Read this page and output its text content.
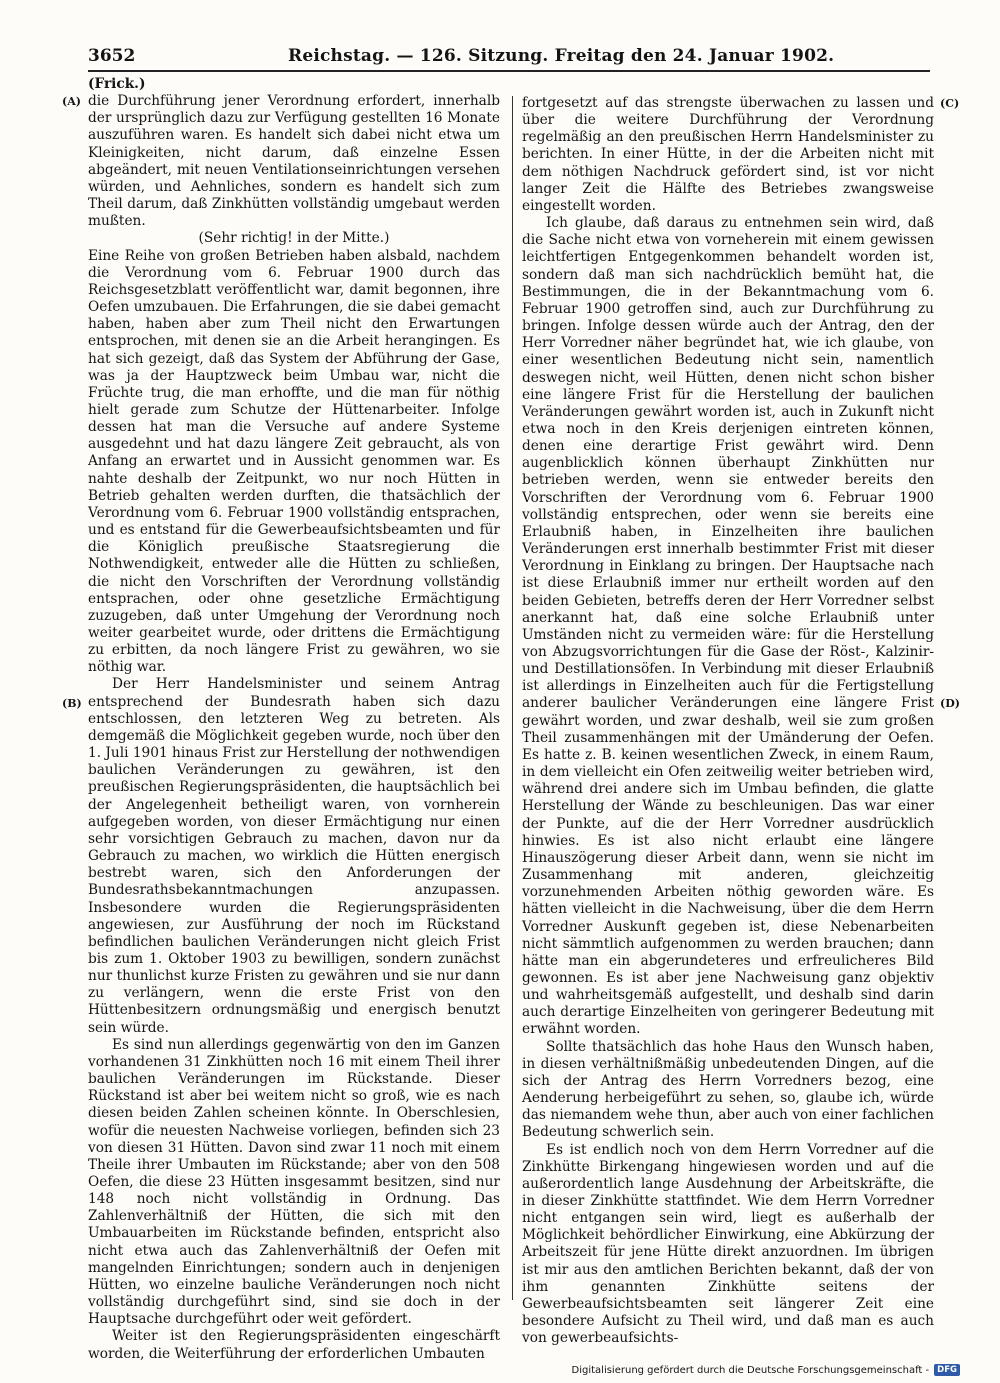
3652	Reichstag. — 126. Sitzung. Freitag den 24. Januar 1902.
(A)
(B)
(C)
(D)

(Frick.)

die Durchführung jener Verordnung erfordert, innerhalb der ursprünglich dazu zur Verfügung gestellten 16 Monate auszuführen waren. Es handelt sich dabei nicht etwa um Kleinigkeiten, nicht darum, daß einzelne Essen abgeändert, mit neuen Ventilationseinrichtungen versehen würden, und Aehnliches, sondern es handelt sich zum Theil darum, daß Zinkhütten vollständig umgebaut werden mußten.

(Sehr richtig! in der Mitte.)

Eine Reihe von großen Betrieben haben alsbald, nachdem die Verordnung vom 6. Februar 1900 durch das Reichsgesetzblatt veröffentlicht war, damit begonnen, ihre Oefen umzubauen. Die Erfahrungen, die sie dabei gemacht haben, haben aber zum Theil nicht den Erwartungen entsprochen, mit denen sie an die Arbeit herangingen. Es hat sich gezeigt, daß das System der Abführung der Gase, was ja der Hauptzweck beim Umbau war, nicht die Früchte trug, die man erhoffte, und die man für nöthig hielt gerade zum Schutze der Hüttenarbeiter. Infolge dessen hat man die Versuche auf andere Systeme ausgedehnt und hat dazu längere Zeit gebraucht, als von Anfang an erwartet und in Aussicht genommen war. Es nahte deshalb der Zeitpunkt, wo nur noch Hütten in Betrieb gehalten werden durften, die thatsächlich der Verordnung vom 6. Februar 1900 vollständig entsprachen, und es entstand für die Gewerbeaufsichtsbeamten und für die Königlich preußische Staatsregierung die Nothwendigkeit, entweder alle die Hütten zu schließen, die nicht den Vorschriften der Verordnung vollständig entsprachen, oder ohne gesetzliche Ermächtigung zuzugeben, daß unter Umgehung der Verordnung noch weiter gearbeitet wurde, oder drittens die Ermächtigung zu erbitten, da noch längere Frist zu gewähren, wo sie nöthig war.

Der Herr Handelsminister und seinem Antrag entsprechend der Bundesrath haben sich dazu entschlossen, den letzteren Weg zu betreten. Als demgemäß die Möglichkeit gegeben wurde, noch über den 1. Juli 1901 hinaus Frist zur Herstellung der nothwendigen baulichen Veränderungen zu gewähren, ist den preußischen Regierungspräsidenten, die hauptsächlich bei der Angelegenheit betheiligt waren, von vornherein aufgegeben worden, von dieser Ermächtigung nur einen sehr vorsichtigen Gebrauch zu machen, davon nur da Gebrauch zu machen, wo wirklich die Hütten energisch bestrebt waren, sich den Anforderungen der Bundesrathsbekanntmachungen anzupassen. Insbesondere wurden die Regierungspräsidenten angewiesen, zur Ausführung der noch im Rückstand befindlichen baulichen Veränderungen nicht gleich Frist bis zum 1. Oktober 1903 zu bewilligen, sondern zunächst nur thunlichst kurze Fristen zu gewähren und sie nur dann zu verlängern, wenn die erste Frist von den Hüttenbesitzern ordnungsmäßig und energisch benutzt sein würde.

Es sind nun allerdings gegenwärtig von den im Ganzen vorhandenen 31 Zinkhütten noch 16 mit einem Theil ihrer baulichen Veränderungen im Rückstande. Dieser Rückstand ist aber bei weitem nicht so groß, wie es nach diesen beiden Zahlen scheinen könnte. In Oberschlesien, wofür die neuesten Nachweise vorliegen, befinden sich 23 von diesen 31 Hütten. Davon sind zwar 11 noch mit einem Theile ihrer Umbauten im Rückstande; aber von den 508 Oefen, die diese 23 Hütten insgesammt besitzen, sind nur 148 noch nicht vollständig in Ordnung. Das Zahlenverhältniß der Hütten, die sich mit den Umbauarbeiten im Rückstande befinden, entspricht also nicht etwa auch das Zahlenverhältniß der Oefen mit mangelnden Einrichtungen; sondern auch in denjenigen Hütten, wo einzelne bauliche Veränderungen noch nicht vollständig durchgeführt sind, sind sie doch in der Hauptsache durchgeführt oder weit gefördert.

Weiter ist den Regierungspräsidenten eingeschärft worden, die Weiterführung der erforderlichen Umbauten

fortgesetzt auf das strengste überwachen zu lassen und über die weitere Durchführung der Verordnung regelmäßig an den preußischen Herrn Handelsminister zu berichten. In einer Hütte, in der die Arbeiten nicht mit dem nöthigen Nachdruck gefördert sind, ist vor nicht langer Zeit die Hälfte des Betriebes zwangsweise eingestellt worden.

Ich glaube, daß daraus zu entnehmen sein wird, daß die Sache nicht etwa von vorneherein mit einem gewissen leichtfertigen Entgegenkommen behandelt worden ist, sondern daß man sich nachdrücklich bemüht hat, die Bestimmungen, die in der Bekanntmachung vom 6. Februar 1900 getroffen sind, auch zur Durchführung zu bringen. Infolge dessen würde auch der Antrag, den der Herr Vorredner näher begründet hat, wie ich glaube, von einer wesentlichen Bedeutung nicht sein, namentlich deswegen nicht, weil Hütten, denen nicht schon bisher eine längere Frist für die Herstellung der baulichen Veränderungen gewährt worden ist, auch in Zukunft nicht etwa noch in den Kreis derjenigen eintreten können, denen eine derartige Frist gewährt wird. Denn augenblicklich können überhaupt Zinkhütten nur betrieben werden, wenn sie entweder bereits den Vorschriften der Verordnung vom 6. Februar 1900 vollständig entsprechen, oder wenn sie bereits eine Erlaubniß haben, in Einzelheiten ihre baulichen Veränderungen erst innerhalb bestimmter Frist mit dieser Verordnung in Einklang zu bringen. Der Hauptsache nach ist diese Erlaubniß immer nur ertheilt worden auf den beiden Gebieten, betreffs deren der Herr Vorredner selbst anerkannt hat, daß eine solche Erlaubniß unter Umständen nicht zu vermeiden wäre: für die Herstellung von Abzugsvorrichtungen für die Gase der Röst-, Kalzinir- und Destillationsöfen. In Verbindung mit dieser Erlaubniß ist allerdings in Einzelheiten auch für die Fertigstellung anderer baulicher Veränderungen eine längere Frist gewährt worden, und zwar deshalb, weil sie zum großen Theil zusammenhängen mit der Umänderung der Oefen. Es hatte z. B. keinen wesentlichen Zweck, in einem Raum, in dem vielleicht ein Ofen zeitweilig weiter betrieben wird, während drei andere sich im Umbau befinden, die glatte Herstellung der Wände zu beschleunigen. Das war einer der Punkte, auf die der Herr Vorredner ausdrücklich hinwies. Es ist also nicht erlaubt eine längere Hinauszögerung dieser Arbeit dann, wenn sie nicht im Zusammenhang mit anderen, gleichzeitig vorzunehmenden Arbeiten nöthig geworden wäre. Es hätten vielleicht in die Nachweisung, über die dem Herrn Vorredner Auskunft gegeben ist, diese Nebenarbeiten nicht sämmtlich aufgenommen zu werden brauchen; dann hätte man ein abgerundeteres und erfreulicheres Bild gewonnen. Es ist aber jene Nachweisung ganz objektiv und wahrheitsgemäß aufgestellt, und deshalb sind darin auch derartige Einzelheiten von geringerer Bedeutung mit erwähnt worden.

Sollte thatsächlich das hohe Haus den Wunsch haben, in diesen verhältnißmäßig unbedeutenden Dingen, auf die sich der Antrag des Herrn Vorredners bezog, eine Aenderung herbeigeführt zu sehen, so, glaube ich, würde das niemandem wehe thun, aber auch von einer fachlichen Bedeutung schwerlich sein.

Es ist endlich noch von dem Herrn Vorredner auf die Zinkhütte Birkengang hingewiesen worden und auf die außerordentlich lange Ausdehnung der Arbeitskräfte, die in dieser Zinkhütte stattfindet. Wie dem Herrn Vorredner nicht entgangen sein wird, liegt es außerhalb der Möglichkeit behördlicher Einwirkung, eine Abkürzung der Arbeitszeit für jene Hütte direkt anzuordnen. Im übrigen ist mir aus den amtlichen Berichten bekannt, daß der von ihm genannten Zinkhütte seitens der Gewerbeaufsichtsbeamten seit längerer Zeit eine besondere Aufsicht zu Theil wird, und daß man es auch von gewerbeaufsichts-

Digitalisierung gefördert durch die Deutsche Forschungsgemeinschaft - DFG
